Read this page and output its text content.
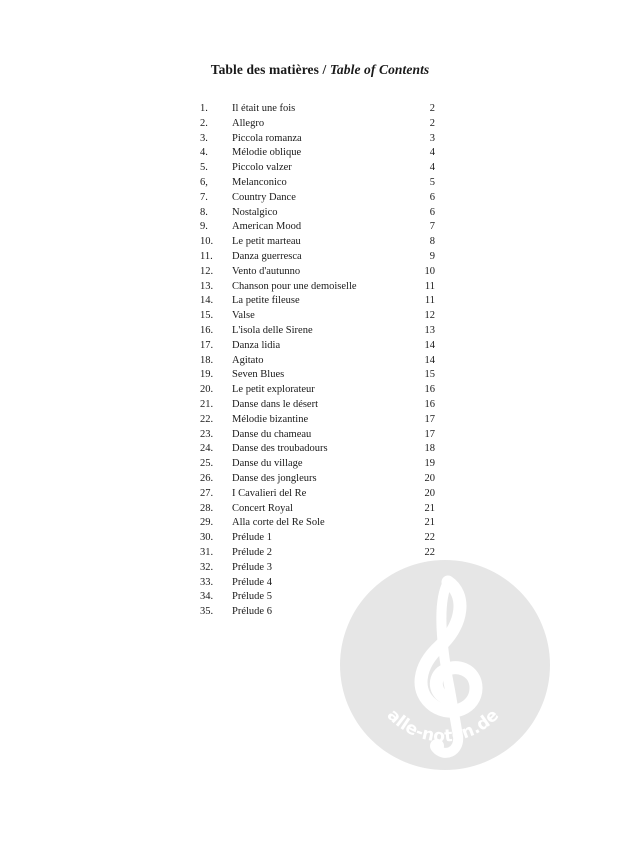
Table des matières / Table of Contents
1. Il était une fois	2
2. Allegro	2
3. Piccola romanza	3
4. Mélodie oblique	4
5. Piccolo valzer	4
6, Melanconico	5
7. Country Dance	6
8. Nostalgico	6
9. American Mood	7
10. Le petit marteau	8
11. Danza guerresca	9
12. Vento d'autunno	10
13. Chanson pour une demoiselle	11
14. La petite fileuse	11
15. Valse	12
16. L'isola delle Sirene	13
17. Danza lidia	14
18. Agitato	14
19. Seven Blues	15
20. Le petit explorateur	16
21. Danse dans le désert	16
22. Mélodie bizantine	17
23. Danse du chameau	17
24. Danse des troubadours	18
25. Danse du village	19
26. Danse des jongleurs	20
27. I Cavalieri del Re	20
28. Concert Royal	21
29. Alla corte del Re Sole	21
30. Prélude 1	22
31. Prélude 2	22
32. Prélude 3
33. Prélude 4
34. Prélude 5
35. Prélude 6
alle-noten.de
